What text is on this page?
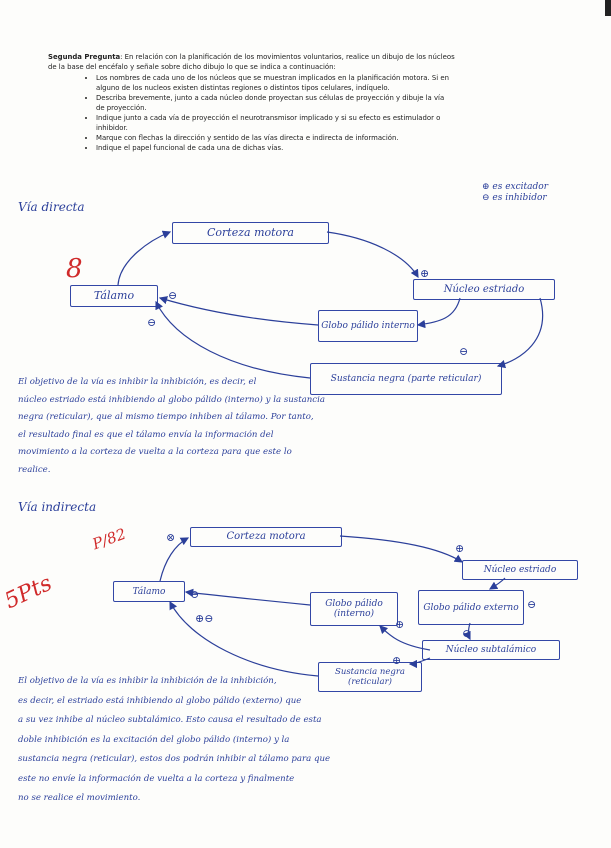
Segunda Pregunta: En relación con la planificación de los movimientos voluntarios, realice un dibujo de los núcleos
de la base del encéfalo y señale sobre dicho dibujo lo que se indica a continuación:
• Los nombres de cada uno de los núcleos que se muestran implicados en la planificación motora. Si en
alguno de los nucleos existen distintas regiones o distintos tipos celulares, indíquelo.
• Describa brevemente, junto a cada núcleo donde proyectan sus células de proyección y dibuje la vía
de proyección.
• Indique junto a cada vía de proyección el neurotransmisor implicado y si su efecto es estimulador o
inhibidor.
• Marque con flechas la dirección y sentido de las vías directa e indirecta de información.
• Indique el papel funcional de cada una de dichas vías.
⊕ es excitador
⊖ es inhibidor
Vía directa
Corteza motora
Tálamo	Núcleo estriado
Globo pálido interno
Sustancia negra (parte reticular)
El objetivo de la vía es inhibir la inhibición, es decir, el
núcleo estriado está inhibiendo al globo pálido (interno) y la sustancia
negra (reticular), que al mismo tiempo inhiben al tálamo. Por tanto,
el resultado final es que el tálamo envía la información del
movimiento a la corteza de vuelta a la corteza para que este lo
realice.
Vía indirecta
Corteza motora
Tálamo
Núcleo estriado
Globo pálido (interno)
Globo pálido externo
Núcleo subtalámico
Sustancia negra (reticular)
El objetivo de la vía es inhibir la inhibición de la inhibición,
es decir, el estriado está inhibiendo al globo pálido (externo) que
a su vez inhibe al núcleo subtalámico. Esto causa el resultado de esta
doble inhibición es la excitación del globo pálido (interno) y la
sustancia negra (reticular), estos dos podrán inhibir al tálamo para que
este no envíe la información de vuelta a la corteza y finalmente
no se realice el movimiento.
8
P/82
5Pts
⊕
⊖
⊖
⊖
⊗
⊕
⊖
⊖
⊕
⊕
⊖
⊕⊖
